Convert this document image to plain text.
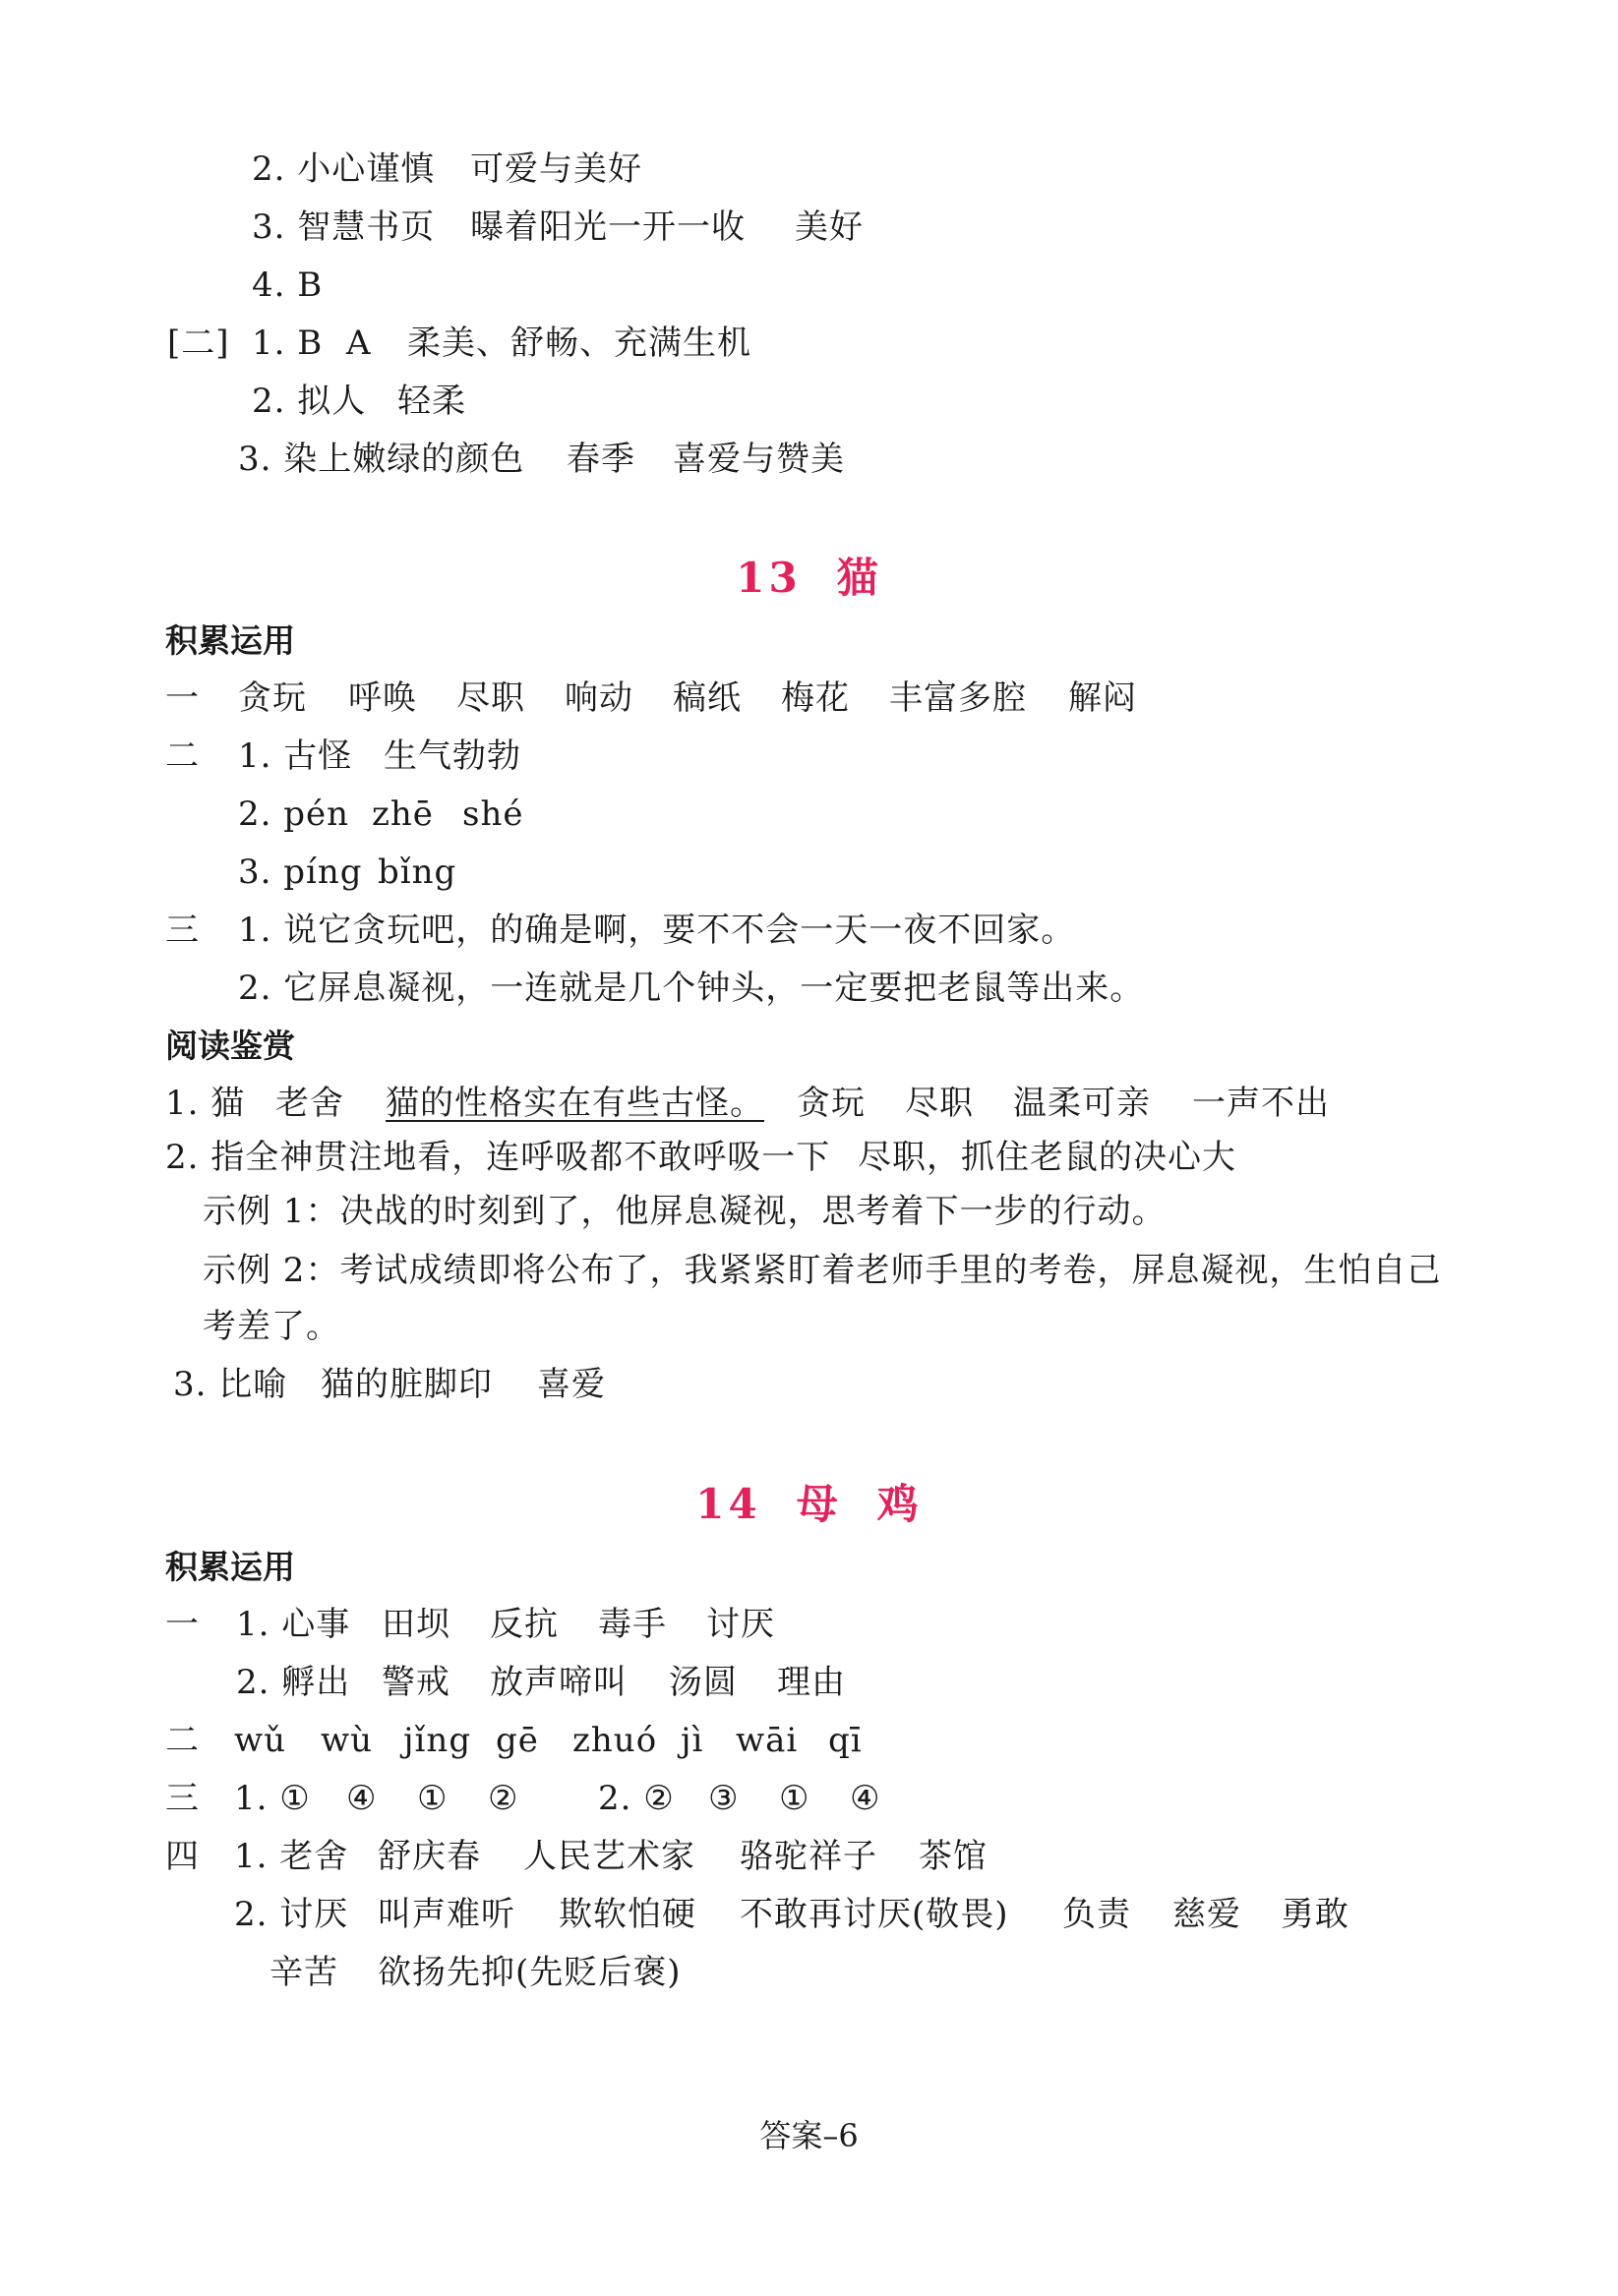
2. 小心谨慎 可爱与美好
3. 智慧书页 曝着阳光一开一收 美好
4. B
[二] 1. B A 柔美、舒畅、充满生机
2. 拟人 轻柔
3. 染上嫩绿的颜色 春季 喜爱与赞美
13 猫
积累运用
一 贪玩 呼唤 尽职 响动 稿纸 梅花 丰富多腔 解闷
二 1. 古怪 生气勃勃
2. pén zhē shé
3. píng bǐng
三 1. 说它贪玩吧，的确是啊，要不不会一天一夜不回家。
2. 它屏息凝视，一连就是几个钟头，一定要把老鼠等出来。
阅读鉴赏
1. 猫 老舍 猫的性格实在有些古怪。 贪玩 尽职 温柔可亲 一声不出
2. 指全神贯注地看，连呼吸都不敢呼吸一下 尽职，抓住老鼠的决心大
示例 1：决战的时刻到了，他屏息凝视，思考着下一步的行动。
示例 2：考试成绩即将公布了，我紧紧盯着老师手里的考卷，屏息凝视，生怕自己
考差了。
3. 比喻 猫的脏脚印 喜爱
14 母 鸡
积累运用
一 1. 心事 田坝 反抗 毒手 讨厌
2. 孵出 警戒 放声啼叫 汤圆 理由
二 wǔ wù jǐng gē zhuó jì wāi qī
三 1. ① ④ ① ② 2. ② ③ ① ④
四 1. 老舍 舒庆春 人民艺术家 骆驼祥子 茶馆
2. 讨厌 叫声难听 欺软怕硬 不敢再讨厌(敬畏) 负责 慈爱 勇敢
辛苦 欲扬先抑(先贬后褒)
答案–6
